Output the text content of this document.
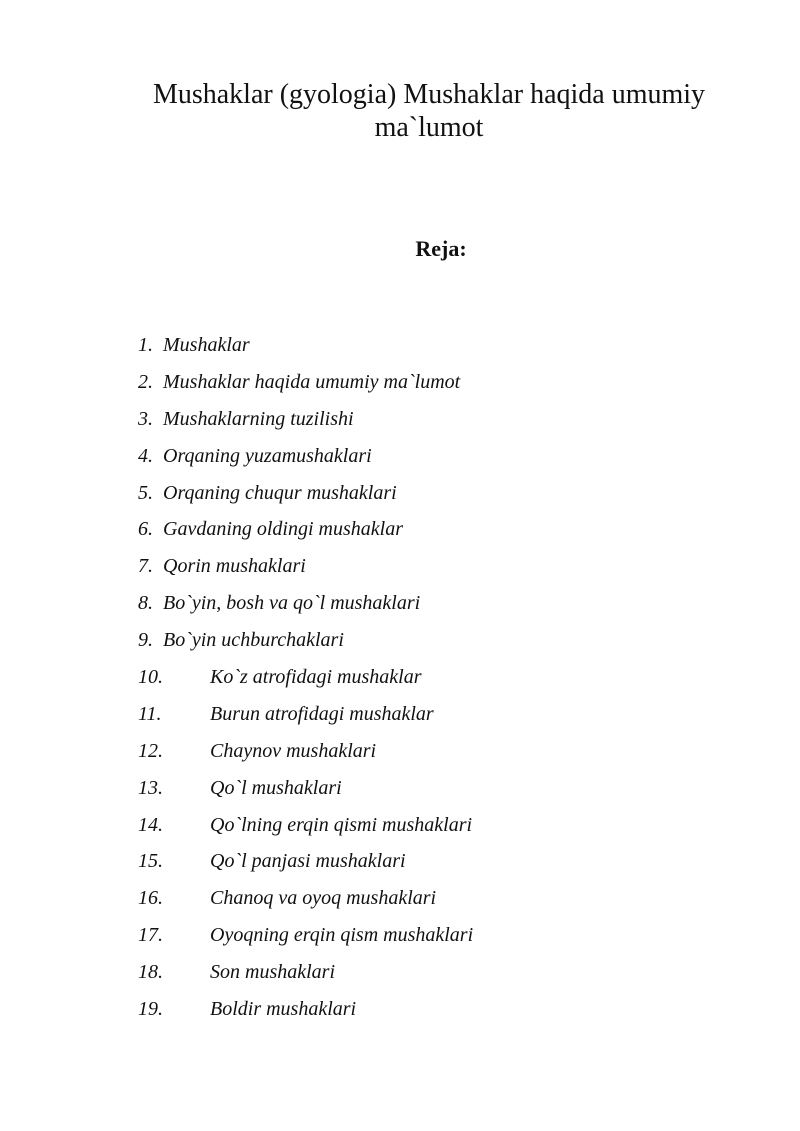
Mushaklar (gyologia) Mushaklar haqida umumiy ma`lumot
Reja:
1. Mushaklar
2. Mushaklar haqida umumiy ma`lumot
3. Mushaklarning tuzilishi
4. Orqaning yuzamushaklari
5. Orqaning chuqur mushaklari
6. Gavdaning oldingi mushaklar
7. Qorin mushaklari
8. Bo`yin, bosh va qo`l mushaklari
9. Bo`yin uchburchaklari
10. Ko`z atrofidagi mushaklar
11. Burun atrofidagi mushaklar
12. Chaynov mushaklari
13. Qo`l mushaklari
14. Qo`lning erqin qismi mushaklari
15. Qo`l panjasi mushaklari
16. Chanoq va oyoq mushaklari
17. Oyoqning erqin qism mushaklari
18. Son mushaklari
19. Boldir mushaklari
